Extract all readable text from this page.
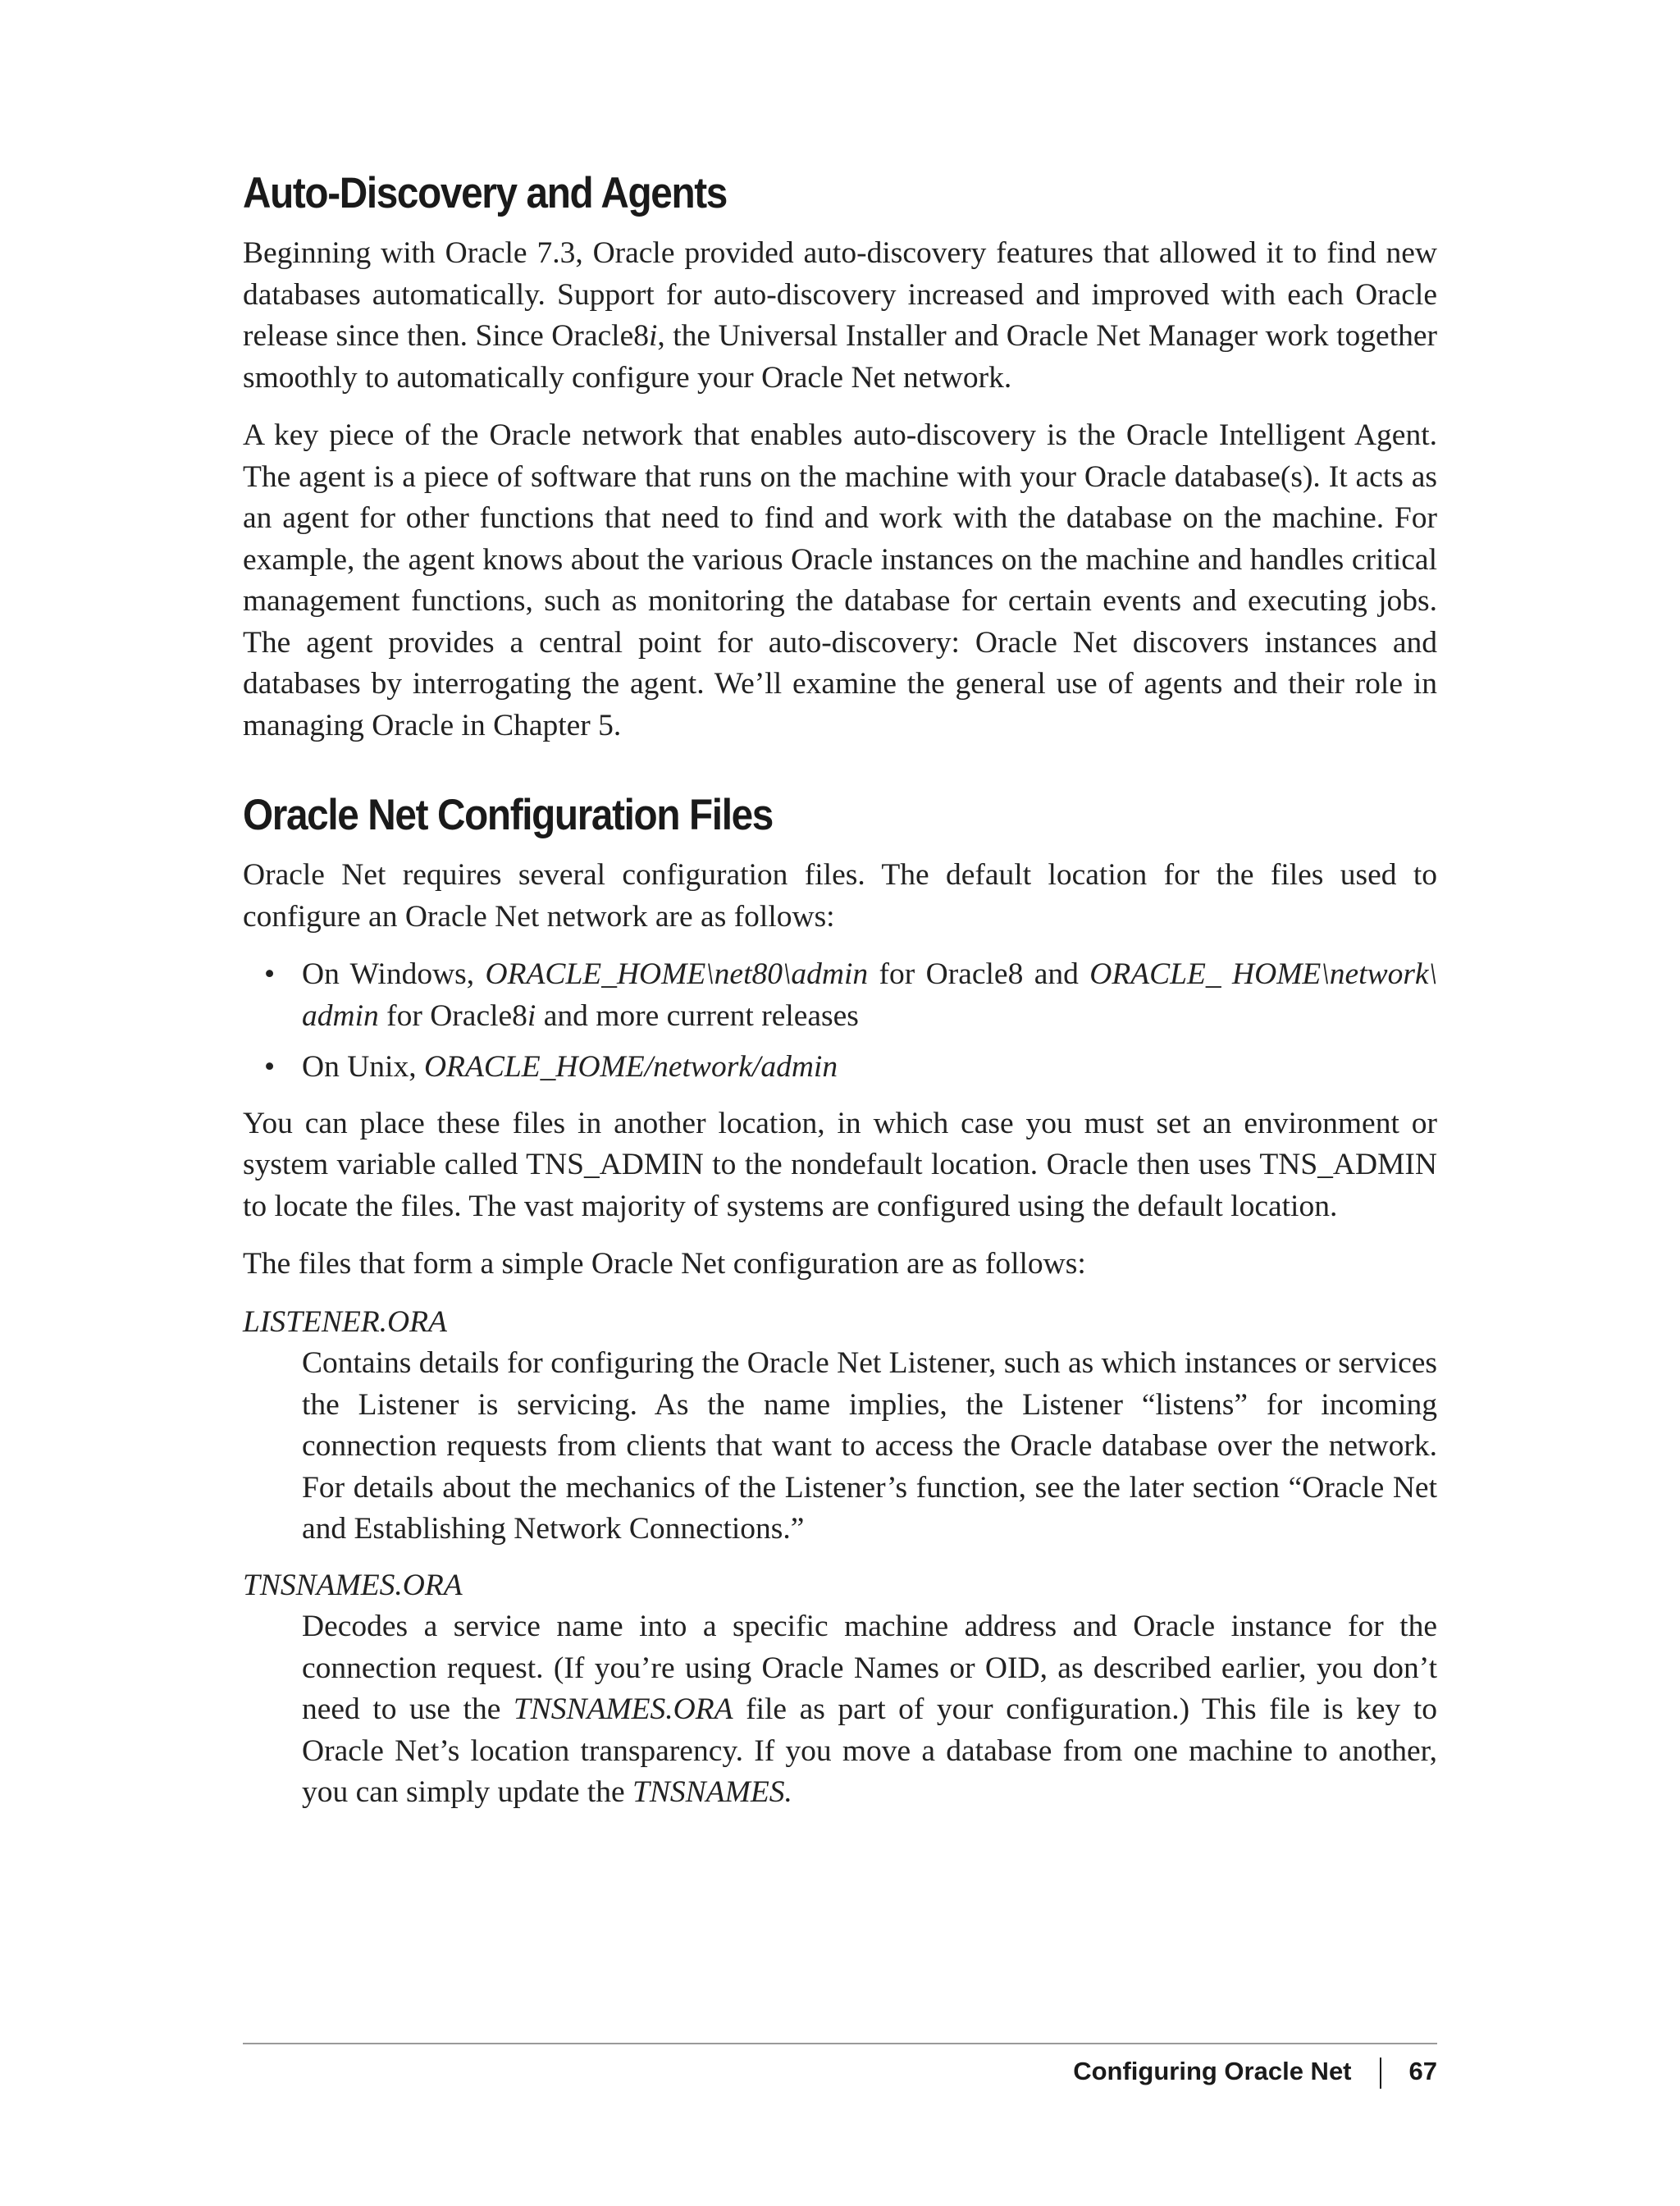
Auto-Discovery and Agents

Beginning with Oracle 7.3, Oracle provided auto-discovery features that allowed it to find new databases automatically. Support for auto-discovery increased and improved with each Oracle release since then. Since Oracle8i, the Universal Installer and Oracle Net Manager work together smoothly to automatically configure your Oracle Net network.

A key piece of the Oracle network that enables auto-discovery is the Oracle Intelligent Agent. The agent is a piece of software that runs on the machine with your Oracle database(s). It acts as an agent for other functions that need to find and work with the database on the machine. For example, the agent knows about the various Oracle instances on the machine and handles critical management functions, such as monitoring the database for certain events and executing jobs. The agent provides a central point for auto-discovery: Oracle Net discovers instances and databases by interrogating the agent. We’ll examine the general use of agents and their role in managing Oracle in Chapter 5.

Oracle Net Configuration Files

Oracle Net requires several configuration files. The default location for the files used to configure an Oracle Net network are as follows:

• On Windows, ORACLE_HOME\net80\admin for Oracle8 and ORACLE_ HOME\network\ admin for Oracle8i and more current releases
• On Unix, ORACLE_HOME/network/admin

You can place these files in another location, in which case you must set an environment or system variable called TNS_ADMIN to the nondefault location. Oracle then uses TNS_ADMIN to locate the files. The vast majority of systems are configured using the default location.

The files that form a simple Oracle Net configuration are as follows:

LISTENER.ORA
Contains details for configuring the Oracle Net Listener, such as which instances or services the Listener is servicing. As the name implies, the Listener “listens” for incoming connection requests from clients that want to access the Oracle database over the network. For details about the mechanics of the Listener’s function, see the later section “Oracle Net and Establishing Network Connections.”
TNSNAMES.ORA
Decodes a service name into a specific machine address and Oracle instance for the connection request. (If you’re using Oracle Names or OID, as described earlier, you don’t need to use the TNSNAMES.ORA file as part of your configuration.) This file is key to Oracle Net’s location transparency. If you move a database from one machine to another, you can simply update the TNSNAMES.
Configuring Oracle Net 67
